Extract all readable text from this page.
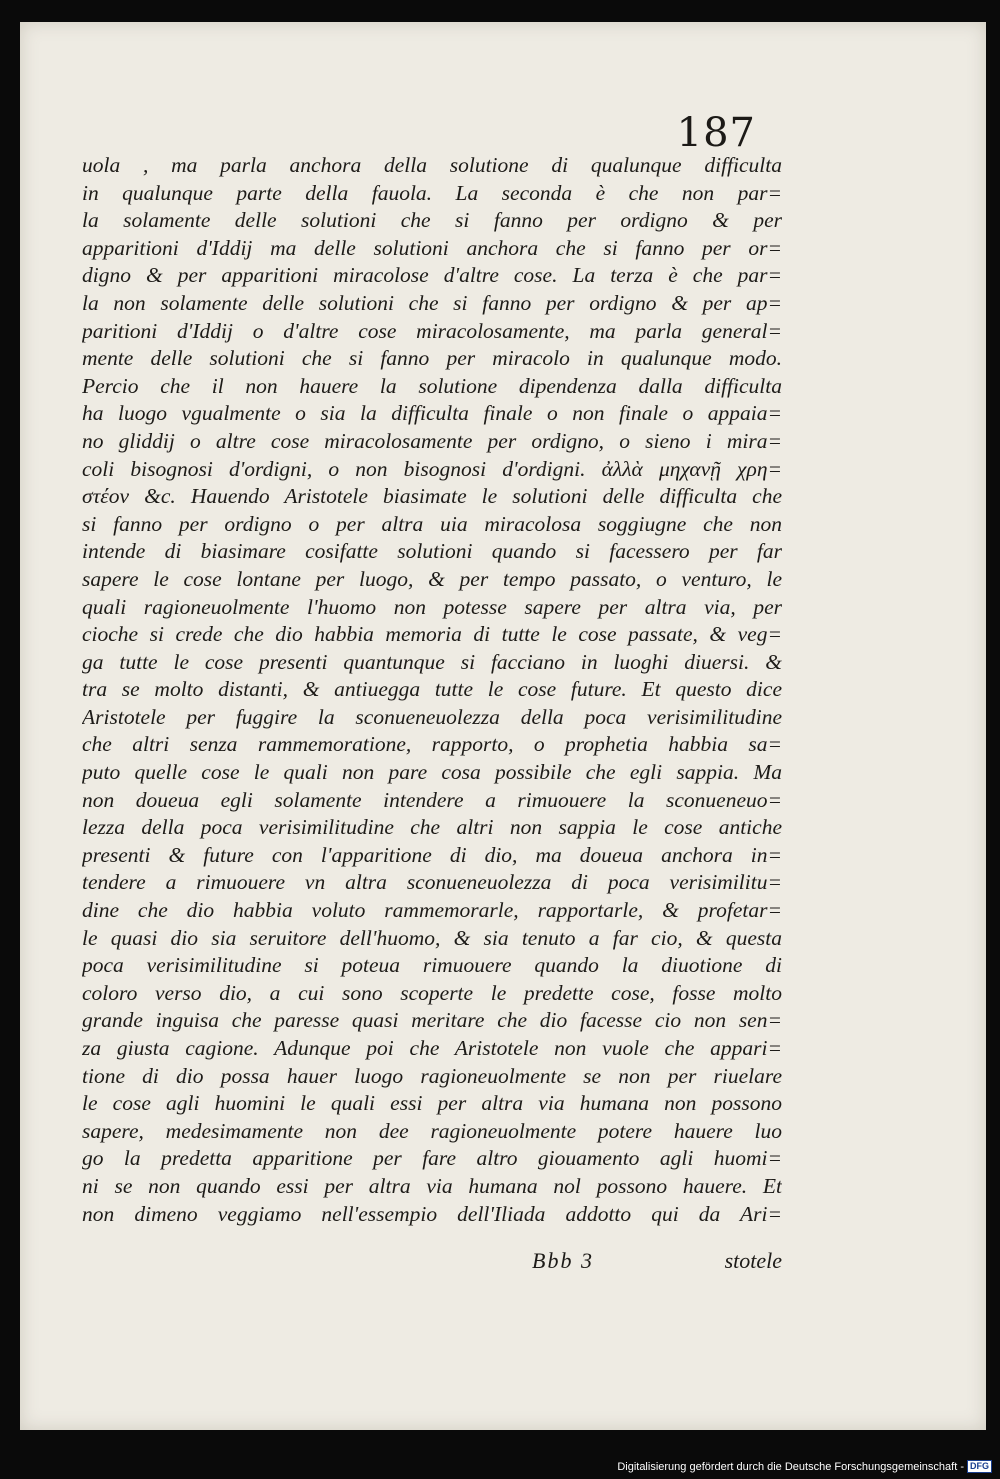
187
uola , ma parla anchora della solutione di qualunque difficulta
in qualunque parte della fauola. La seconda è che non par=
la solamente delle solutioni che si fanno per ordigno & per
apparitioni d'Iddij ma delle solutioni anchora che si fanno per or=
digno & per apparitioni miracolose d'altre cose. La terza è che par=
la non solamente delle solutioni che si fanno per ordigno & per ap=
paritioni d'Iddij o d'altre cose miracolosamente, ma parla general=
mente delle solutioni che si fanno per miracolo in qualunque modo.
Percio che il non hauere la solutione dipendenza dalla difficulta
ha luogo vgualmente o sia la difficulta finale o non finale o appaia=
no gliddij o altre cose miracolosamente per ordigno, o sieno i mira=
coli bisognosi d'ordigni, o non bisognosi d'ordigni. ἀλλὰ μηχανῇ χρη=
στέον &c. Hauendo Aristotele biasimate le solutioni delle difficulta che
si fanno per ordigno o per altra uia miracolosa soggiugne che non
intende di biasimare cosifatte solutioni quando si facessero per far
sapere le cose lontane per luogo, & per tempo passato, o venturo, le
quali ragioneuolmente l'huomo non potesse sapere per altra via, per
cioche si crede che dio habbia memoria di tutte le cose passate, & veg=
ga tutte le cose presenti quantunque si facciano in luoghi diuersi. &
tra se molto distanti, & antiuegga tutte le cose future. Et questo dice
Aristotele per fuggire la sconueneuolezza della poca verisimilitudine
che altri senza rammemoratione, rapporto, o prophetia habbia sa=
puto quelle cose le quali non pare cosa possibile che egli sappia. Ma
non doueua egli solamente intendere a rimuouere la sconueneuo=
lezza della poca verisimilitudine che altri non sappia le cose antiche
presenti & future con l'apparitione di dio, ma doueua anchora in=
tendere a rimuouere vn altra sconueneuolezza di poca verisimilitu=
dine che dio habbia voluto rammemorarle, rapportarle, & profetar=
le quasi dio sia seruitore dell'huomo, & sia tenuto a far cio, & questa
poca verisimilitudine si poteua rimuouere quando la diuotione di
coloro verso dio, a cui sono scoperte le predette cose, fosse molto
grande inguisa che paresse quasi meritare che dio facesse cio non sen=
za giusta cagione. Adunque poi che Aristotele non vuole che appari=
tione di dio possa hauer luogo ragioneuolmente se non per riuelare
le cose agli huomini le quali essi per altra via humana non possono
sapere, medesimamente non dee ragioneuolmente potere hauere luo
go la predetta apparitione per fare altro giouamento agli huomi=
ni se non quando essi per altra via humana nol possono hauere. Et
non dimeno veggiamo nell'essempio dell'Iliada addotto qui da Ari=
Bbb 3	stotele
Digitalisierung gefördert durch die Deutsche Forschungsgemeinschaft - DFG
